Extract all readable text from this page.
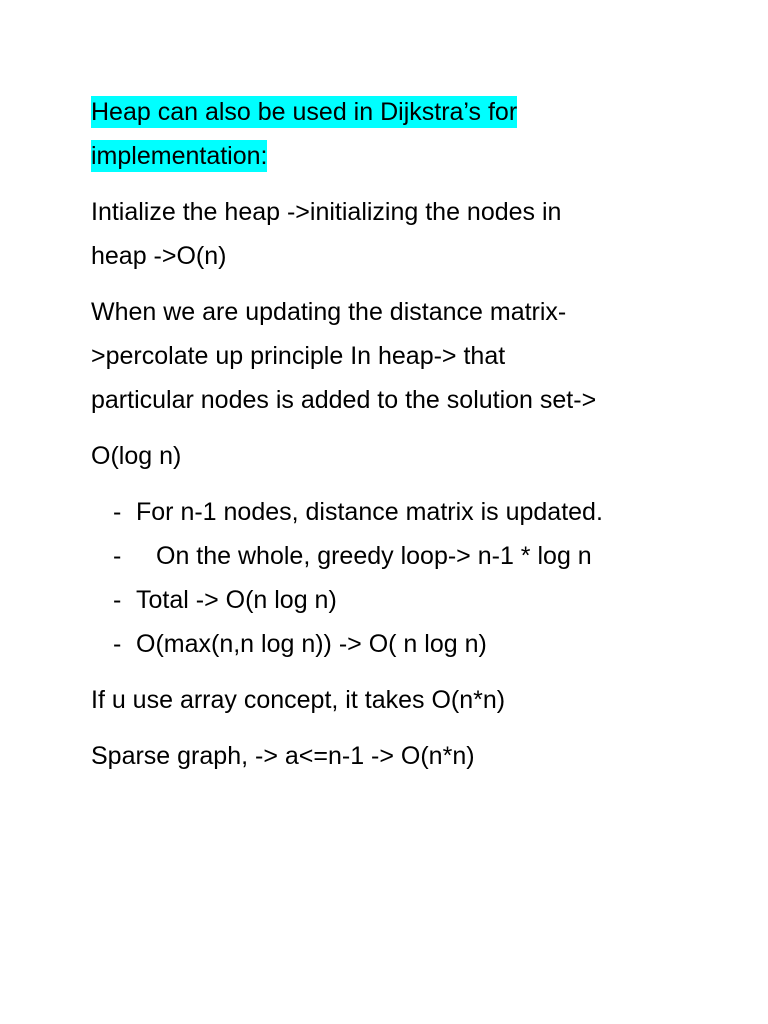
Heap can also be used in Dijkstra’s for
implementation:

Intialize the heap ->initializing the nodes in
heap ->O(n)

When we are updating the distance matrix-
>percolate up principle In heap-> that
particular nodes is added to the solution set->

O(log n)

- For n-1 nodes, distance matrix is updated.
- On the whole, greedy loop-> n-1 * log n
- Total -> O(n log n)
- O(max(n,n log n)) -> O( n log n)

If u use array concept, it takes O(n*n)

Sparse graph, -> a<=n-1 -> O(n*n)
